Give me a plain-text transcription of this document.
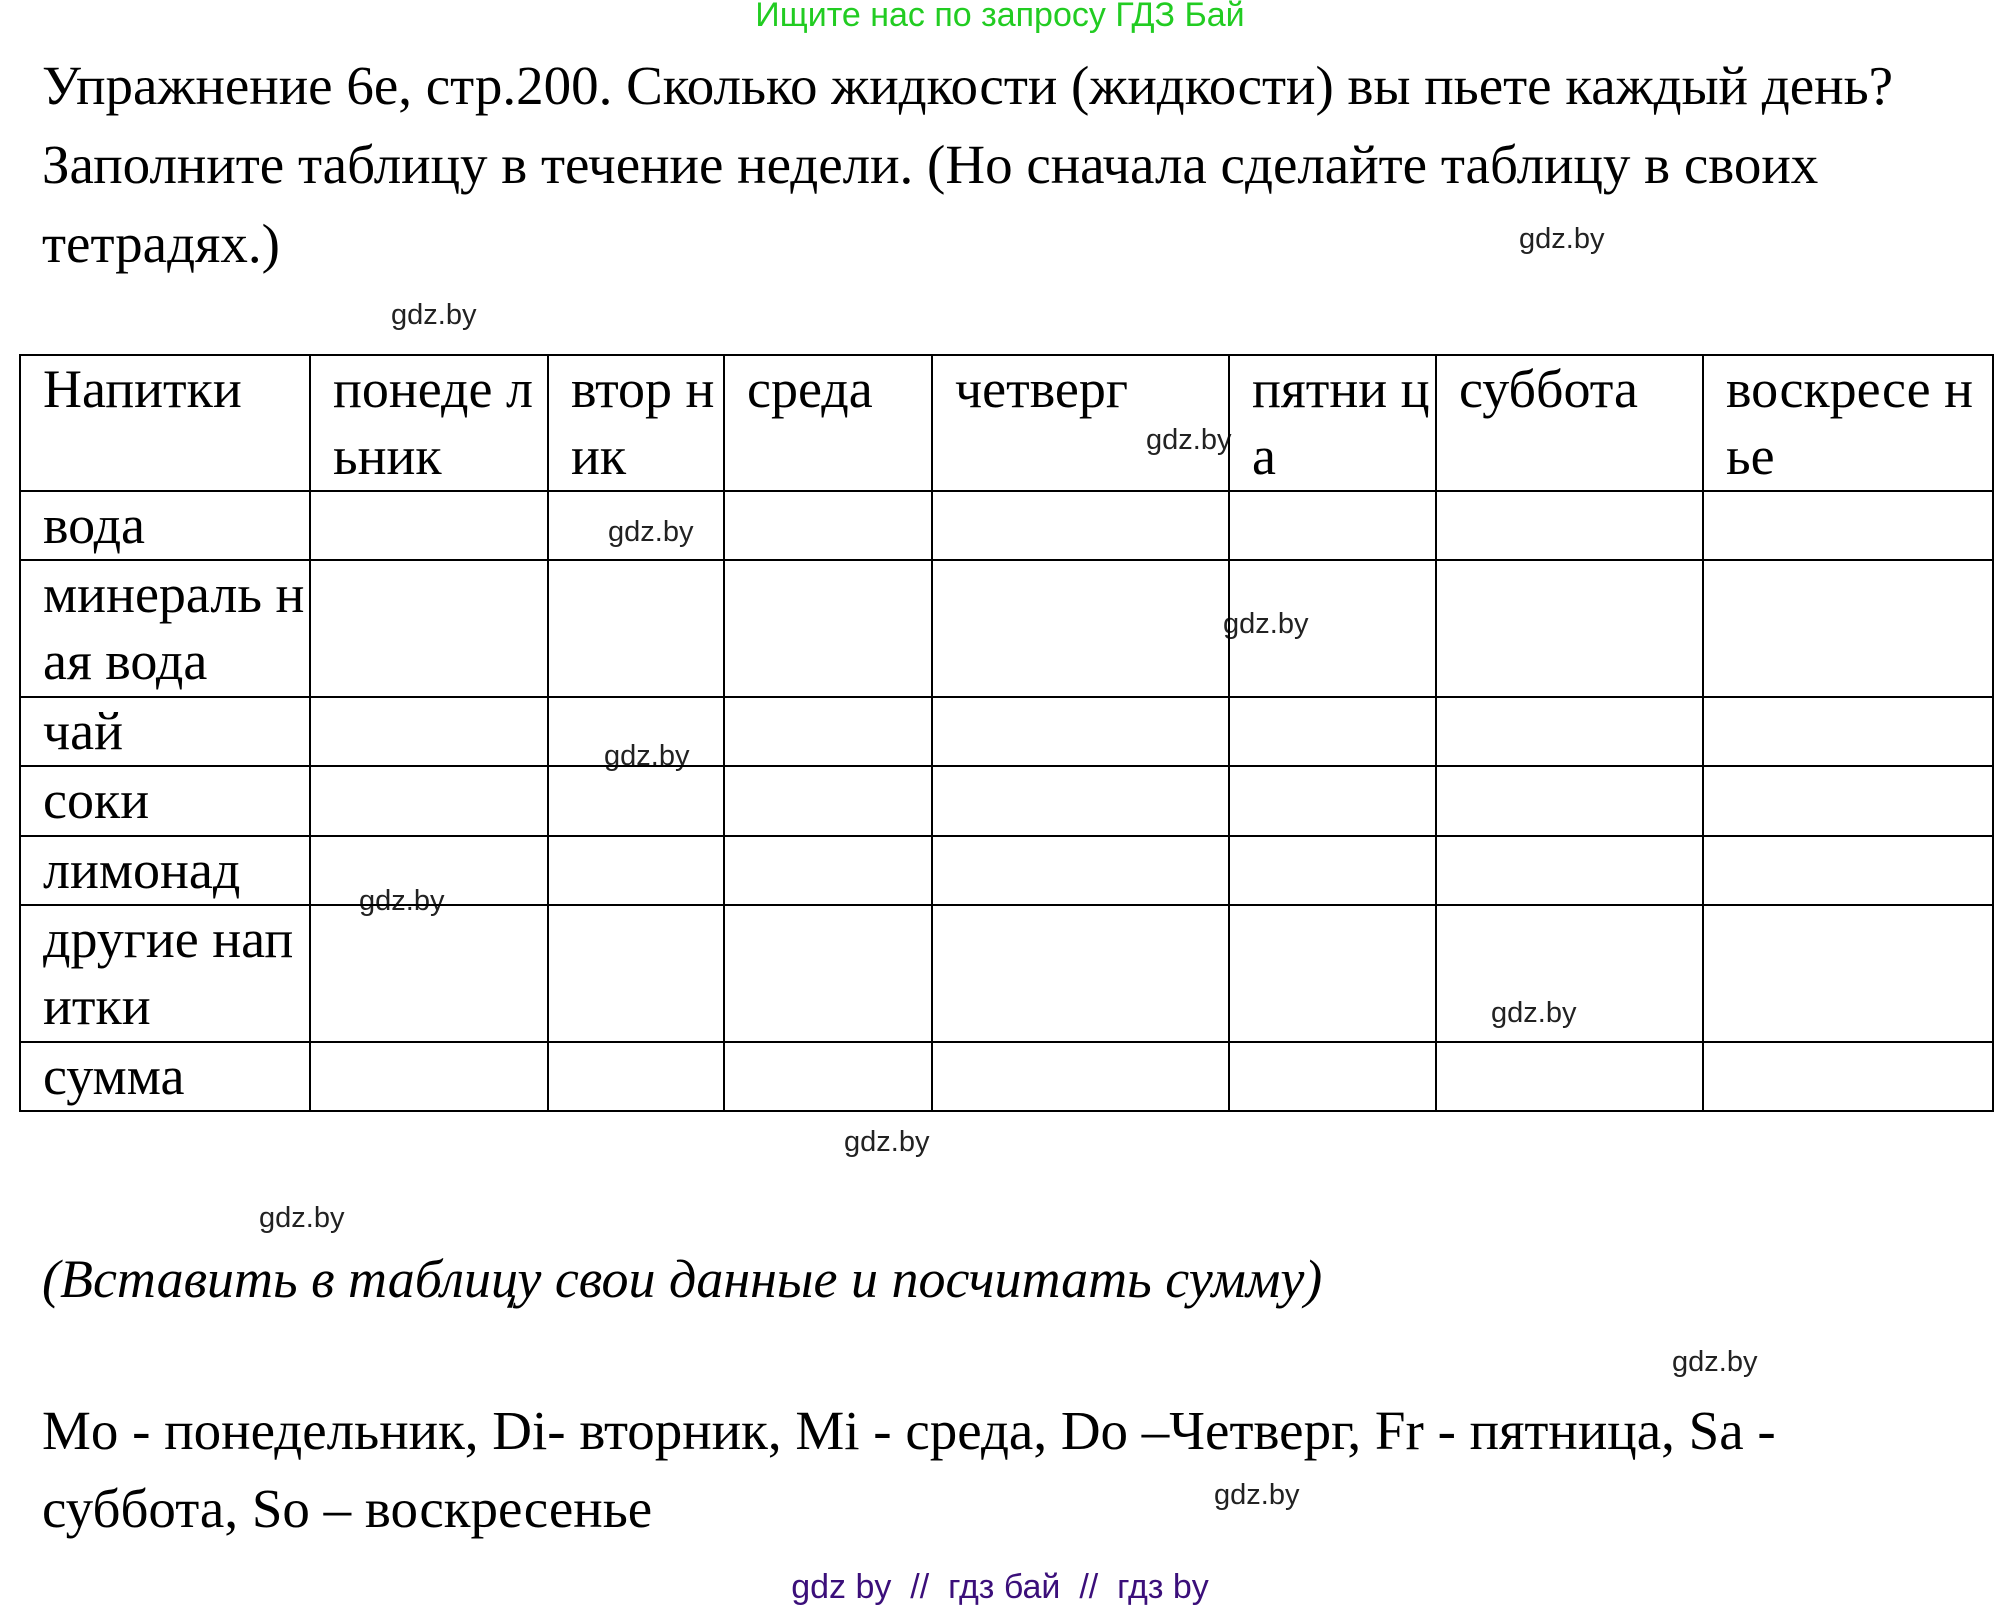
Ищите нас по запросу ГДЗ Бай
Упражнение 6е, стр.200. Сколько жидкости (жидкости) вы пьете каждый день? Заполните таблицу в течение недели. (Но сначала сделайте таблицу в своих тетрадях.)	gdz.by
gdz.by
gdz.by
gdz.by
gdz.by
gdz.by
gdz.by
gdz.by
gdz.by
gdz.by
gdz.by
gdz.by
Напитки	понеде льник	втор ник	среда	четверг	пятни ца	суббота	воскресе нье
вода							
минераль ная вода							
чай							
соки							
лимонад							
другие напитки							
сумма							
(Вставить в таблицу свои данные и посчитать сумму)
Mo - понедельник, Di- вторник, Mi - среда, Do –Четверг, Fr - пятница, Sa - суббота, So – воскресенье
gdz by  //  гдз бай  //  гдз by
